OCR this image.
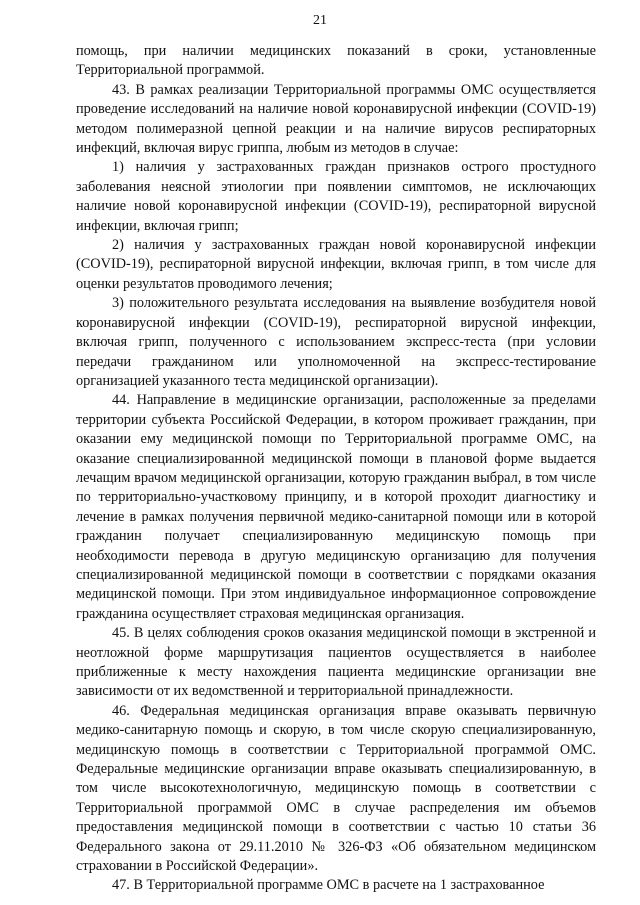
21

помощь, при наличии медицинских показаний в сроки, установленные Территориальной программой.

43. В рамках реализации Территориальной программы ОМС осуществляется проведение исследований на наличие новой коронавирусной инфекции (COVID-19) методом полимеразной цепной реакции и на наличие вирусов респираторных инфекций, включая вирус гриппа, любым из методов в случае:

1) наличия у застрахованных граждан признаков острого простудного заболевания неясной этиологии при появлении симптомов, не исключающих наличие новой коронавирусной инфекции (COVID-19), респираторной вирусной инфекции, включая грипп;

2) наличия у застрахованных граждан новой коронавирусной инфекции (COVID-19), респираторной вирусной инфекции, включая грипп, в том числе для оценки результатов проводимого лечения;

3) положительного результата исследования на выявление возбудителя новой коронавирусной инфекции (COVID-19), респираторной вирусной инфекции, включая грипп, полученного с использованием экспресс-теста (при условии передачи гражданином или уполномоченной на экспресс-тестирование организацией указанного теста медицинской организации).

44. Направление в медицинские организации, расположенные за пределами территории субъекта Российской Федерации, в котором проживает гражданин, при оказании ему медицинской помощи по Территориальной программе ОМС, на оказание специализированной медицинской помощи в плановой форме выдается лечащим врачом медицинской организации, которую гражданин выбрал, в том числе по территориально-участковому принципу, и в которой проходит диагностику и лечение в рамках получения первичной медико-санитарной помощи или в которой гражданин получает специализированную медицинскую помощь при необходимости перевода в другую медицинскую организацию для получения специализированной медицинской помощи в соответствии с порядками оказания медицинской помощи. При этом индивидуальное информационное сопровождение гражданина осуществляет страховая медицинская организация.

45. В целях соблюдения сроков оказания медицинской помощи в экстренной и неотложной форме маршрутизация пациентов осуществляется в наиболее приближенные к месту нахождения пациента медицинские организации вне зависимости от их ведомственной и территориальной принадлежности.

46. Федеральная медицинская организация вправе оказывать первичную медико-санитарную помощь и скорую, в том числе скорую специализированную, медицинскую помощь в соответствии с Территориальной программой ОМС. Федеральные медицинские организации вправе оказывать специализированную, в том числе высокотехнологичную, медицинскую помощь в соответствии с Территориальной программой ОМС в случае распределения им объемов предоставления медицинской помощи в соответствии с частью 10 статьи 36 Федерального закона от 29.11.2010 № 326-ФЗ «Об обязательном медицинском страховании в Российской Федерации».

47. В Территориальной программе ОМС в расчете на 1 застрахованное
